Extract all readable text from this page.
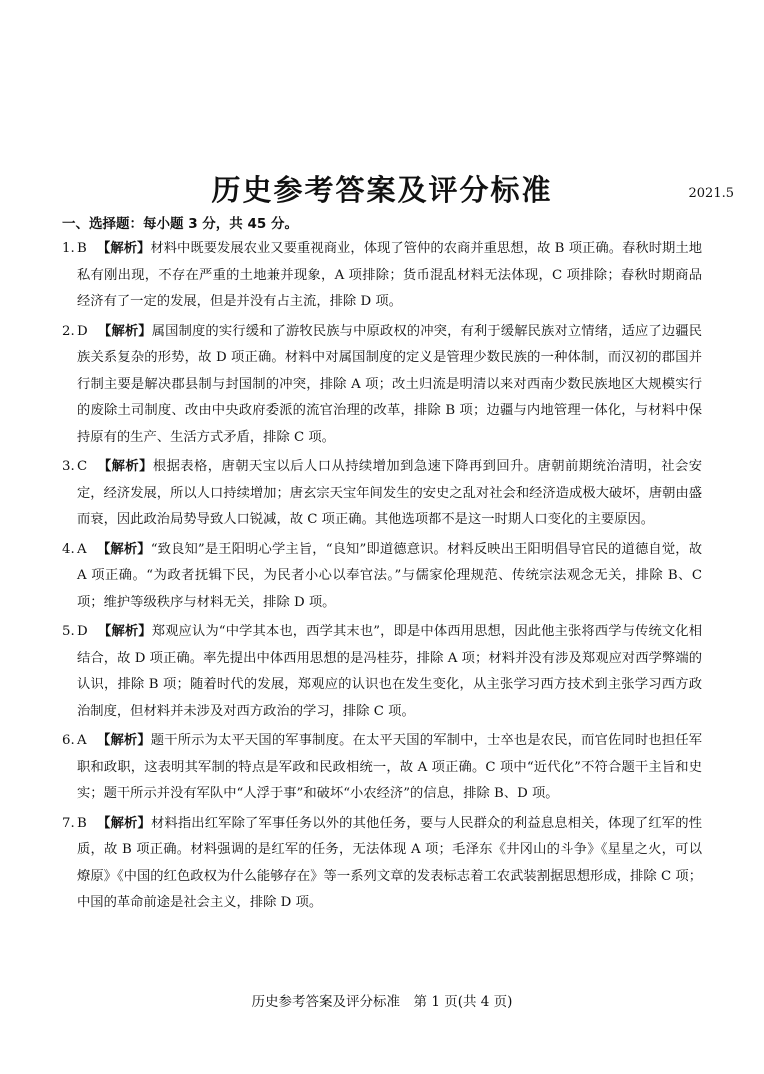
历史参考答案及评分标准	2021.5
一、选择题：每小题 3 分，共 45 分。
1. B 【解析】材料中既要发展农业又要重视商业，体现了管仲的农商并重思想，故 B 项正确。春秋时期土地私有刚出现，不存在严重的土地兼并现象，A 项排除；货币混乱材料无法体现，C 项排除；春秋时期商品经济有了一定的发展，但是并没有占主流，排除 D 项。
2. D 【解析】属国制度的实行缓和了游牧民族与中原政权的冲突，有利于缓解民族对立情绪，适应了边疆民族关系复杂的形势，故 D 项正确。材料中对属国制度的定义是管理少数民族的一种体制，而汉初的郡国并行制主要是解决郡县制与封国制的冲突，排除 A 项；改土归流是明清以来对西南少数民族地区大规模实行的废除土司制度、改由中央政府委派的流官治理的改革，排除 B 项；边疆与内地管理一体化，与材料中保持原有的生产、生活方式矛盾，排除 C 项。
3. C 【解析】根据表格，唐朝天宝以后人口从持续增加到急速下降再到回升。唐朝前期统治清明，社会安定，经济发展，所以人口持续增加；唐玄宗天宝年间发生的安史之乱对社会和经济造成极大破坏，唐朝由盛而衰，因此政治局势导致人口锐减，故 C 项正确。其他选项都不是这一时期人口变化的主要原因。
4. A 【解析】“致良知”是王阳明心学主旨，“良知”即道德意识。材料反映出王阳明倡导官民的道德自觉，故 A 项正确。“为政者抚辑下民，为民者小心以奉官法。”与儒家伦理规范、传统宗法观念无关，排除 B、C 项；维护等级秩序与材料无关，排除 D 项。
5. D 【解析】郑观应认为“中学其本也，西学其末也”，即是中体西用思想，因此他主张将西学与传统文化相结合，故 D 项正确。率先提出中体西用思想的是冯桂芬，排除 A 项；材料并没有涉及郑观应对西学弊端的认识，排除 B 项；随着时代的发展，郑观应的认识也在发生变化，从主张学习西方技术到主张学习西方政治制度，但材料并未涉及对西方政治的学习，排除 C 项。
6. A 【解析】题干所示为太平天国的军事制度。在太平天国的军制中，士卒也是农民，而官佐同时也担任军职和政职，这表明其军制的特点是军政和民政相统一，故 A 项正确。C 项中“近代化”不符合题干主旨和史实；题干所示并没有军队中“人浮于事”和破坏“小农经济”的信息，排除 B、D 项。
7. B 【解析】材料指出红军除了军事任务以外的其他任务，要与人民群众的利益息息相关，体现了红军的性质，故 B 项正确。材料强调的是红军的任务，无法体现 A 项；毛泽东《井冈山的斗争》《星星之火，可以燎原》《中国的红色政权为什么能够存在》等一系列文章的发表标志着工农武装割据思想形成，排除 C 项；中国的革命前途是社会主义，排除 D 项。
历史参考答案及评分标准　第 1 页(共 4 页)
